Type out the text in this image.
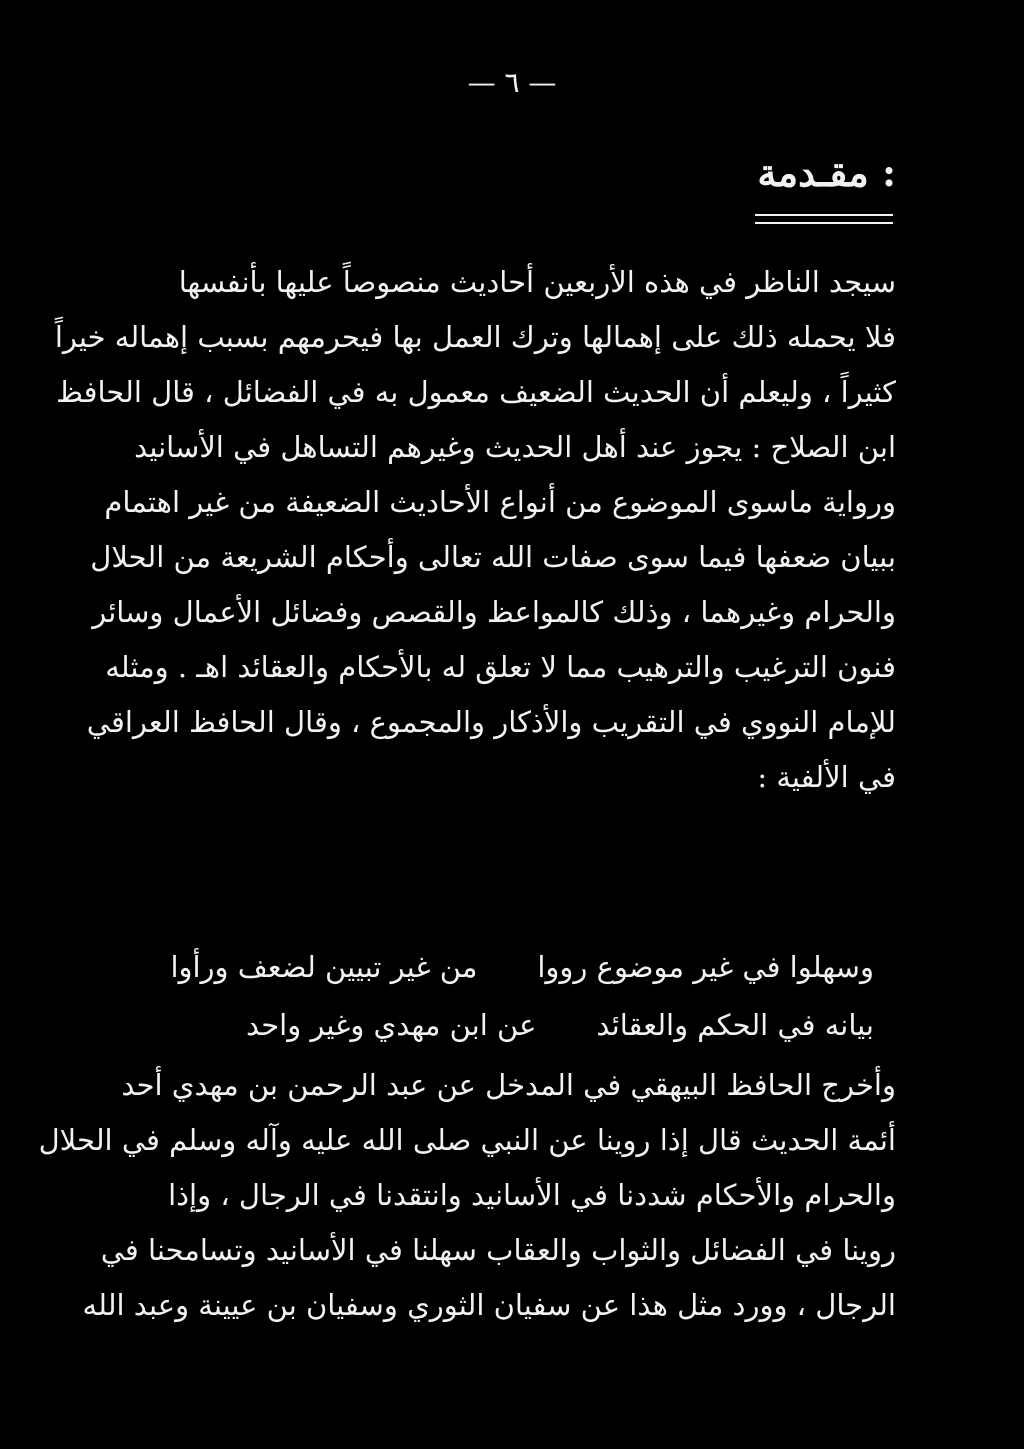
— ٦ —
: مقـدمة
سيجد الناظر في هذه الأربعين أحاديث منصوصاً عليها بأنفسها
فلا يحمله ذلك على إهمالها وترك العمل بها فيحرمهم بسبب إهماله خيراً
كثيراً ، وليعلم أن الحديث الضعيف معمول به في الفضائل ، قال الحافظ
ابن الصلاح : يجوز عند أهل الحديث وغيرهم التساهل في الأسانيد
ورواية ماسوى الموضوع من أنواع الأحاديث الضعيفة من غير اهتمام
ببيان ضعفها فيما سوى صفات الله تعالى وأحكام الشريعة من الحلال
والحرام وغيرهما ، وذلك كالمواعظ والقصص وفضائل الأعمال وسائر
فنون الترغيب والترهيب مما لا تعلق له بالأحكام والعقائد اهـ . ومثله
للإمام النووي في التقريب والأذكار والمجموع ، وقال الحافظ العراقي
في الألفية :
وسهلوا في غير موضوع رووا
من غير تبيين لضعف ورأوا
بيانه في الحكم والعقائد
عن ابن مهدي وغير واحد
وأخرج الحافظ البيهقي في المدخل عن عبد الرحمن بن مهدي أحد
أئمة الحديث قال إذا روينا عن النبي صلى الله عليه وآله وسلم في الحلال
والحرام والأحكام شددنا في الأسانيد وانتقدنا في الرجال ، وإذا
روينا في الفضائل والثواب والعقاب سهلنا في الأسانيد وتسامحنا في
الرجال ، وورد مثل هذا عن سفيان الثوري وسفيان بن عيينة وعبد الله
